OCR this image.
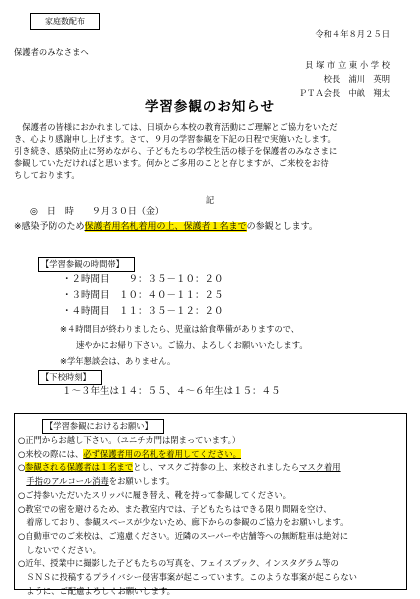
家庭数配布
令和４年８月２５日
保護者のみなさまへ
貝 塚 市 立 東 小 学 校
校長　浦川　英明
ＰＴＡ会長　中畝　翔太
学習参観のお知らせ
　保護者の皆様におかれましては、日頃から本校の教育活動にご理解とご協力をいただ
き、心より感謝申し上げます。さて、９月の学習参観を下記の日程で実施いたします。
引き続き、感染防止に努めながら、子どもたちの学校生活の様子を保護者のみなさまに
参観していただければと思います。何かとご多用のことと存じますが、ご来校をお待
ちしております。
記
◎　日　時 ９月３０日（金）
※感染予防のため保護者用名札着用の上、保護者１名までの参観とします。
【学習参観の時間帯】
・２時間目　　９：３５－１０：２０
・３時間目　１０：４０－１１：２５
・４時間目　１１：３５－１２：２０
※４時間目が終わりましたら、児童は給食準備がありますので、
速やかにお帰り下さい。ご協力、よろしくお願いいたします。
※学年懇談会は、ありません。
【下校時刻】
１～３年生は１４：５５、４～６年生は１５：４５
【学習参観におけるお願い】
○正門からお越し下さい。（ユニチカ門は閉まっています。）
○来校の際には、必ず保護者用の名札を着用してください。
○参観される保護者は１名までとし、マスクご持参の上、来校されましたらマスク着用
　手指のアルコール消毒をお願いします。
○ご持参いただいたスリッパに履き替え、靴を持って参観してください。
○教室での密を避けるため、また教室内では、子どもたちはできる限り間隔を空け、
　着席しており、参観スペースが少ないため、廊下からの参観のご協力をお願いします。
○自動車でのご来校は、ご遠慮ください。近隣のスーパーや店舗等への無断駐車は絶対に
　しないでください。
○近年、授業中に撮影した子どもたちの写真を、フェイスブック、インスタグラム等の
　ＳＮＳに投稿するプライバシー侵害事案が起こっています。このような事案が起こらない
　ように、ご配慮よろしくお願いします。
